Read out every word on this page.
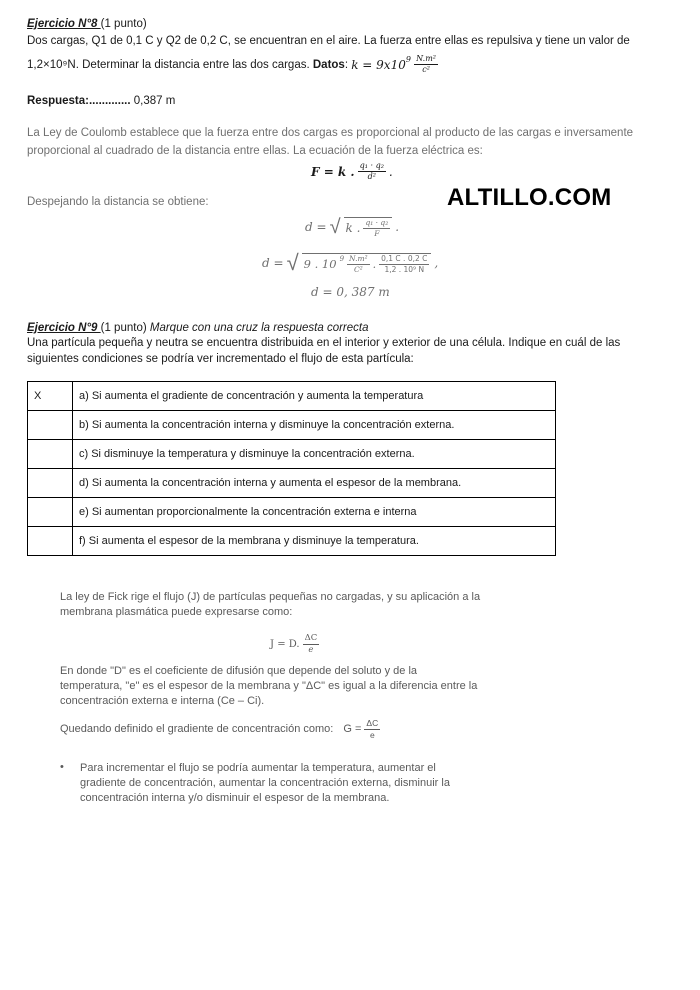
Ejercicio N°8 (1 punto)
Dos cargas, Q1 de 0,1 C y Q2 de 0,2 C, se encuentran en el aire. La fuerza entre ellas es repulsiva y tiene un valor de
1,2×10⁹N. Determinar la distancia entre las dos cargas.
Datos : $k = 9x10^9$
$\frac{\text{N.m²}}{\text{c²}}$
Respuesta:............. 0,387 m
La Ley de Coulomb establece que la fuerza entre dos cargas es proporcional al producto de las cargas e inversamente
proporcional al cuadrado de la distancia entre ellas. La ecuación de la fuerza eléctrica es:
F = k . $\frac{\text{q₁ · q₂}}{\text{d²}}$ .
Despejando la distancia se obtiene:	ALTILLO.COM
d = √ k . $\frac{\text{q₁ · q₂}}{F}$ .
d = √ 9 . 10 $^9 \frac{\text{N.m²}}{\text{C²}}$ . $\frac{0,1 C . 0,2 C}{\text{1,2 . 10⁹ N}}$ ,
d = 0, 387 m
Ejercicio N°9 (1 punto) Marque con una cruz la respuesta correcta
Una partícula pequeña y neutra se encuentra distribuida en el interior y exterior de una célula. Indique en cuál de las
siguientes condiciones se podría ver incrementado el flujo de esta partícula:
X	a) Si aumenta el gradiente de concentración y aumenta la temperatura
	b) Si aumenta la concentración interna y disminuye la concentración externa.
	c) Si disminuye la temperatura y disminuye la concentración externa.
	d) Si aumenta la concentración interna y aumenta el espesor de la membrana.
	e) Si aumentan proporcionalmente la concentración externa e interna
	f) Si aumenta el espesor de la membrana y disminuye la temperatura.
La ley de Fick rige el flujo (J) de partículas pequeñas no cargadas, y su aplicación a la
membrana plasmática puede expresarse como:
J = D. $\frac{\Delta C}{e}$
En donde "D" es el coeficiente de difusión que depende del soluto y de la
temperatura, "e" es el espesor de la membrana y "ΔC" es igual a la diferencia entre la
concentración externa e interna (Ce – Ci).
Quedando definido el gradiente de concentración como: $G = \frac{\Delta C}{e}$
• Para incrementar el flujo se podría aumentar la temperatura, aumentar el
gradiente de concentración, aumentar la concentración externa, disminuir la
concentración interna y/o disminuir el espesor de la membrana.
